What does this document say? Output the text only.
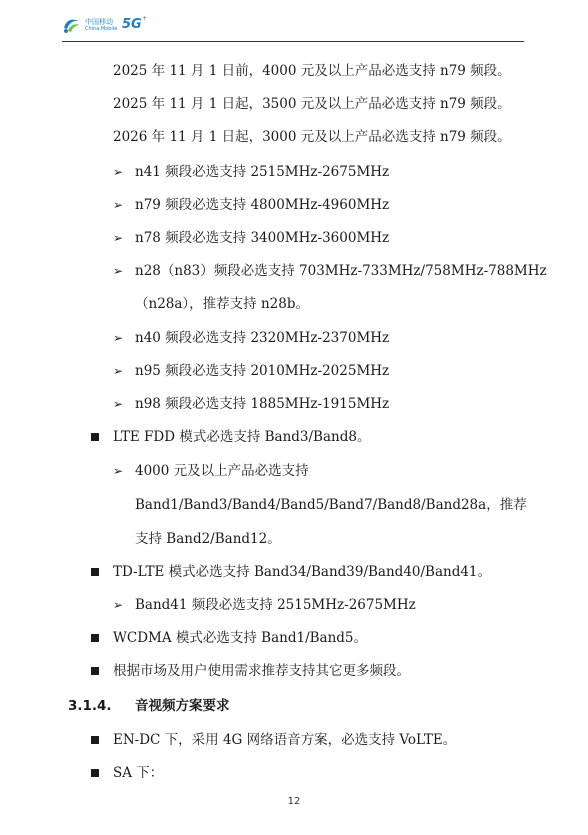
中国移动
China Mobile 5G +
2025 年 11 月 1 日前，4000 元及以上产品必选支持 n79 频段。
2025 年 11 月 1 日起，3500 元及以上产品必选支持 n79 频段。
2026 年 11 月 1 日起，3000 元及以上产品必选支持 n79 频段。
➢ n41 频段必选支持 2515MHz-2675MHz
➢ n79 频段必选支持 4800MHz-4960MHz
➢ n78 频段必选支持 3400MHz-3600MHz
➢ n28（n83）频段必选支持 703MHz-733MHz/758MHz-788MHz
（n28a），推荐支持 n28b。
➢ n40 频段必选支持 2320MHz-2370MHz
➢ n95 频段必选支持 2010MHz-2025MHz
➢ n98 频段必选支持 1885MHz-1915MHz
LTE FDD 模式必选支持 Band3/Band8。
➢ 4000 元及以上产品必选支持
Band1/Band3/Band4/Band5/Band7/Band8/Band28a，推荐
支持 Band2/Band12。
TD-LTE 模式必选支持 Band34/Band39/Band40/Band41。
➢ Band41 频段必选支持 2515MHz-2675MHz
WCDMA 模式必选支持 Band1/Band5。
根据市场及用户使用需求推荐支持其它更多频段。
3.1.4. 音视频方案要求
EN-DC 下，采用 4G 网络语音方案，必选支持 VoLTE。
SA 下：
12
